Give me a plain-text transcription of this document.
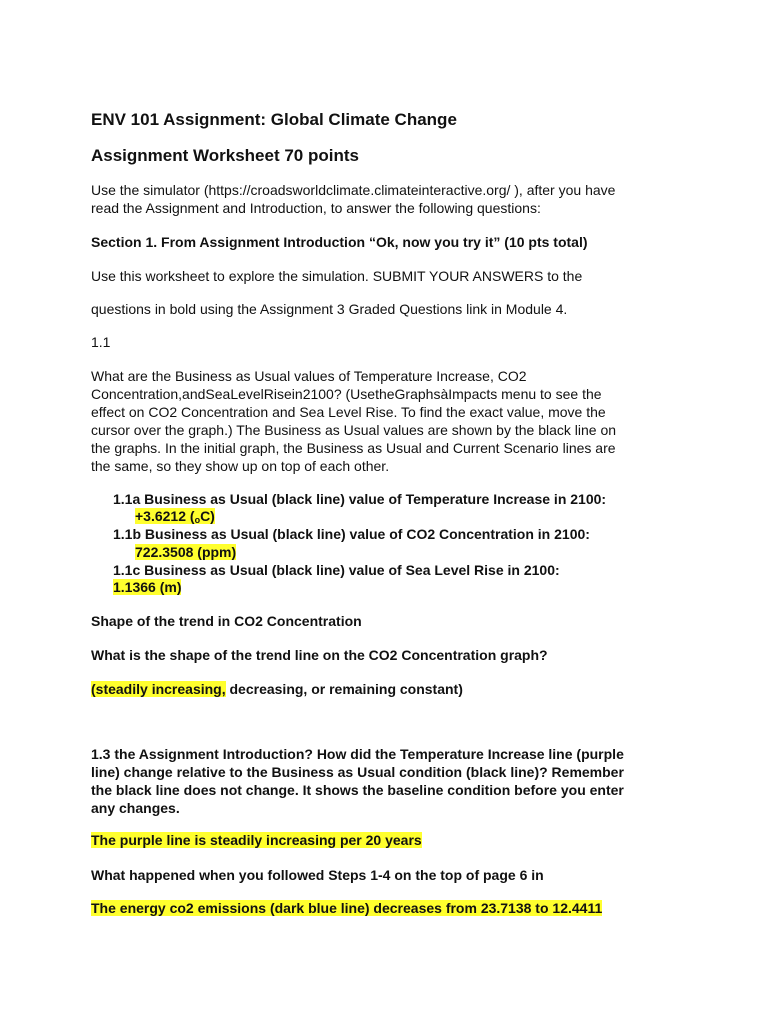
ENV 101 Assignment: Global Climate Change

Assignment Worksheet 70 points

Use the simulator (https://croadsworldclimate.climateinteractive.org/ ), after you have

read the Assignment and Introduction, to answer the following questions:

Section 1. From Assignment Introduction “Ok, now you try it” (10 pts total)

Use this worksheet to explore the simulation. SUBMIT YOUR ANSWERS to the

questions in bold using the Assignment 3 Graded Questions link in Module 4.

1.1

What are the Business as Usual values of Temperature Increase, CO2

Concentration,andSeaLevelRisein2100? (UsetheGraphsàImpacts menu to see the

effect on CO2 Concentration and Sea Level Rise. To find the exact value, move the

cursor over the graph.) The Business as Usual values are shown by the black line on

the graphs. In the initial graph, the Business as Usual and Current Scenario lines are

the same, so they show up on top of each other.

1.1a Business as Usual (black line) value of Temperature Increase in 2100:

+3.6212 (oC)

1.1b Business as Usual (black line) value of CO2 Concentration in 2100:

722.3508 (ppm)

1.1c Business as Usual (black line) value of Sea Level Rise in 2100:

1.1366 (m)

Shape of the trend in CO2 Concentration

What is the shape of the trend line on the CO2 Concentration graph?

(steadily increasing, decreasing, or remaining constant)

1.3 the Assignment Introduction? How did the Temperature Increase line (purple

line) change relative to the Business as Usual condition (black line)? Remember

the black line does not change. It shows the baseline condition before you enter

any changes.

The purple line is steadily increasing per 20 years

What happened when you followed Steps 1-4 on the top of page 6 in

The energy co2 emissions (dark blue line) decreases from 23.7138 to 12.4411
